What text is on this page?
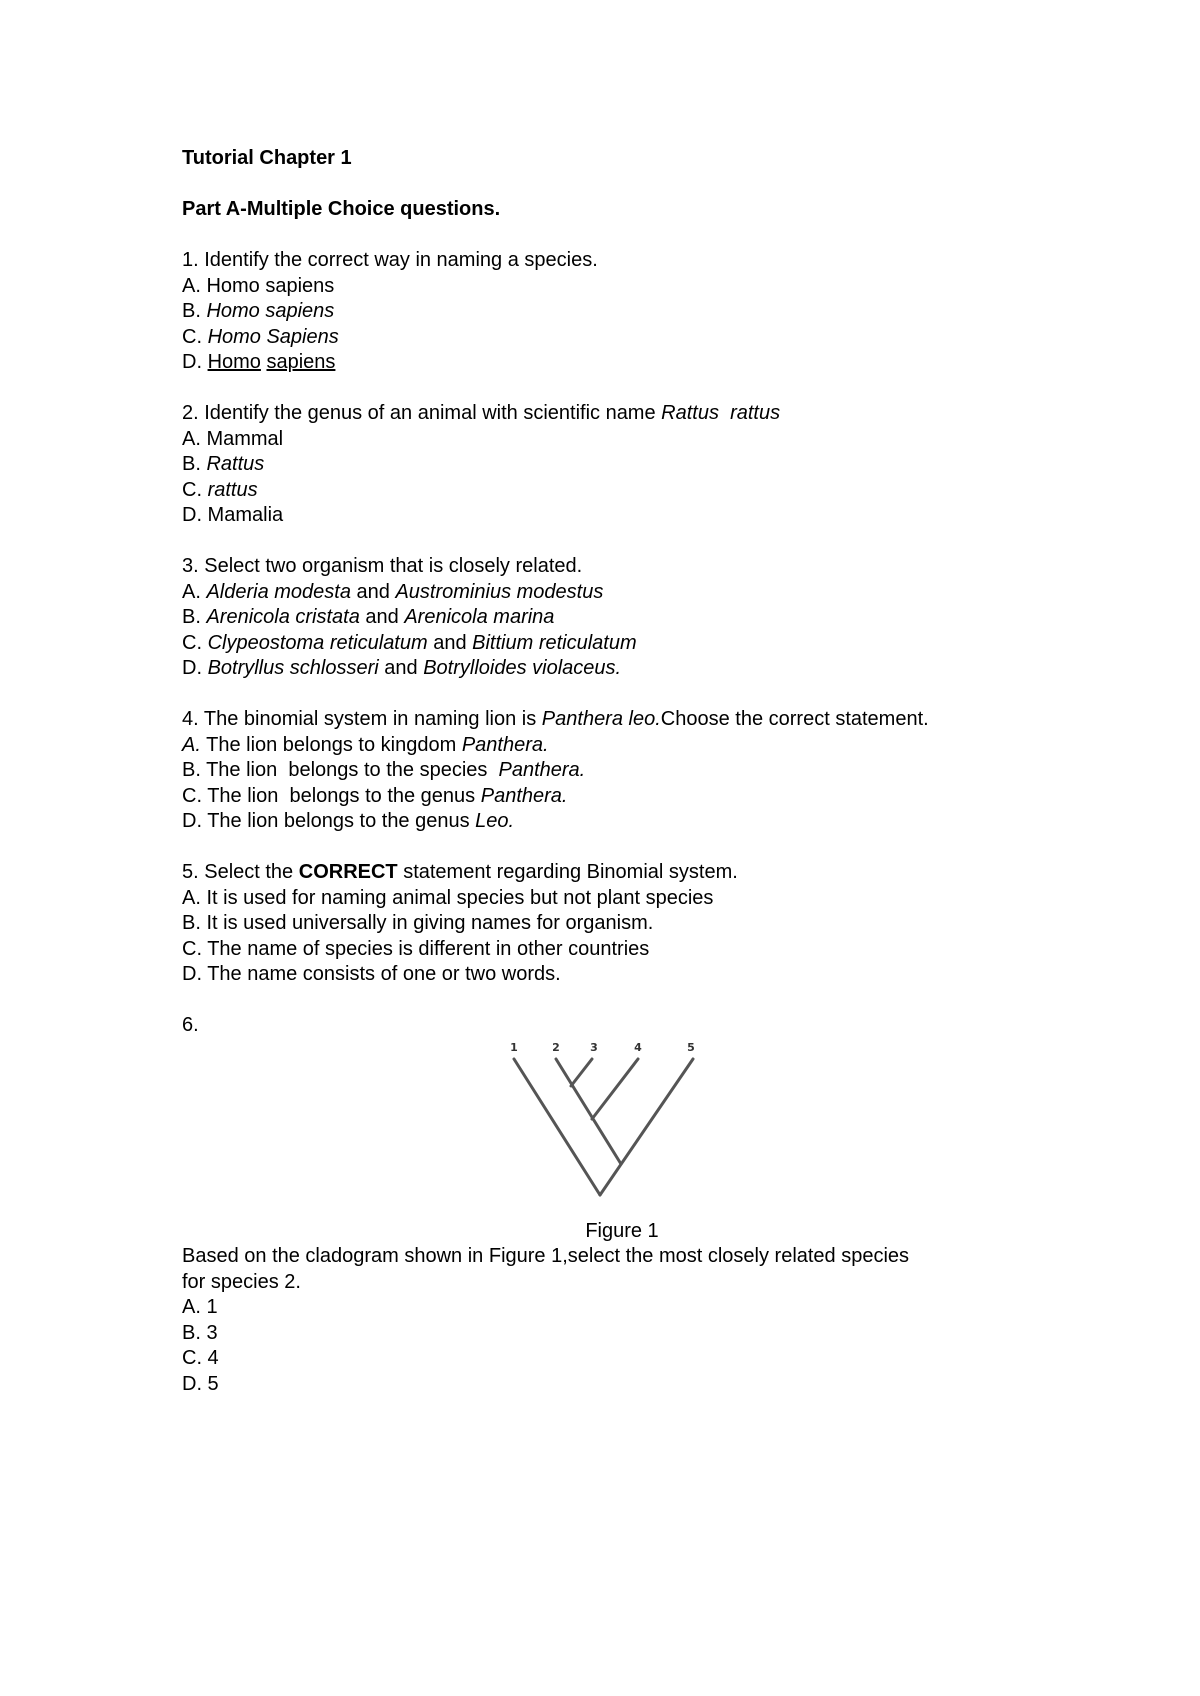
Tutorial Chapter 1
Part A-Multiple Choice questions.
1. Identify the correct way in naming a species.
A. Homo sapiens
B. Homo sapiens
C. Homo Sapiens
D. Homo sapiens
2. Identify the genus of an animal with scientific name Rattus  rattus
A. Mammal
B. Rattus
C. rattus
D. Mamalia
3. Select two organism that is closely related.
A. Alderia modesta and Austrominius modestus
B. Arenicola cristata and Arenicola marina
C. Clypeostoma reticulatum and Bittium reticulatum
D. Botryllus schlosseri and Botrylloides violaceus.
4. The binomial system in naming lion is Panthera leo.Choose the correct statement.
A. The lion belongs to kingdom Panthera.
B. The lion  belongs to the species  Panthera.
C. The lion  belongs to the genus Panthera.
D. The lion belongs to the genus Leo.
5. Select the CORRECT statement regarding Binomial system.
A. It is used for naming animal species but not plant species
B. It is used universally in giving names for organism.
C. The name of species is different in other countries
D. The name consists of one or two words.
6.
1	2	3	4	5
Figure 1
Based on the cladogram shown in Figure 1,select the most closely related species
for species 2.
A. 1
B. 3
C. 4
D. 5
